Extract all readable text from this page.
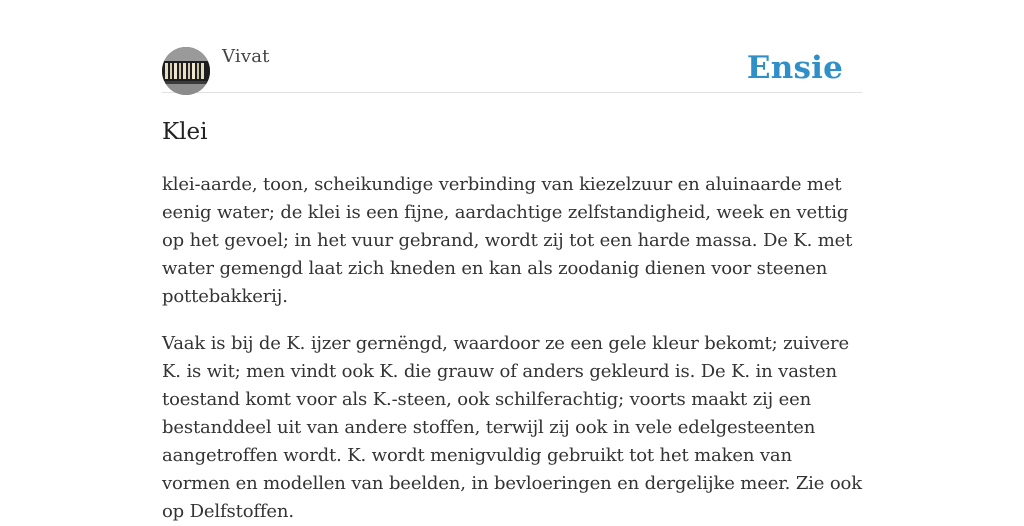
Vivat	Ensie
Klei

klei-aarde, toon, scheikundige verbinding van kiezelzuur en aluinaarde met eenig water; de klei is een fijne, aardachtige zelfstandigheid, week en vettig op het gevoel; in het vuur gebrand, wordt zij tot een harde massa. De K. met water gemengd laat zich kneden en kan als zoodanig dienen voor steenen pottebakkerij.

Vaak is bij de K. ijzer gernëngd, waardoor ze een gele kleur bekomt; zuivere K. is wit; men vindt ook K. die grauw of anders gekleurd is. De K. in vasten toestand komt voor als K.-steen, ook schilferachtig; voorts maakt zij een bestanddeel uit van andere stoffen, terwijl zij ook in vele edelgesteenten aangetroffen wordt. K. wordt menigvuldig gebruikt tot het maken van vormen en modellen van beelden, in bevloeringen en dergelijke meer. Zie ook op Delfstoffen.
